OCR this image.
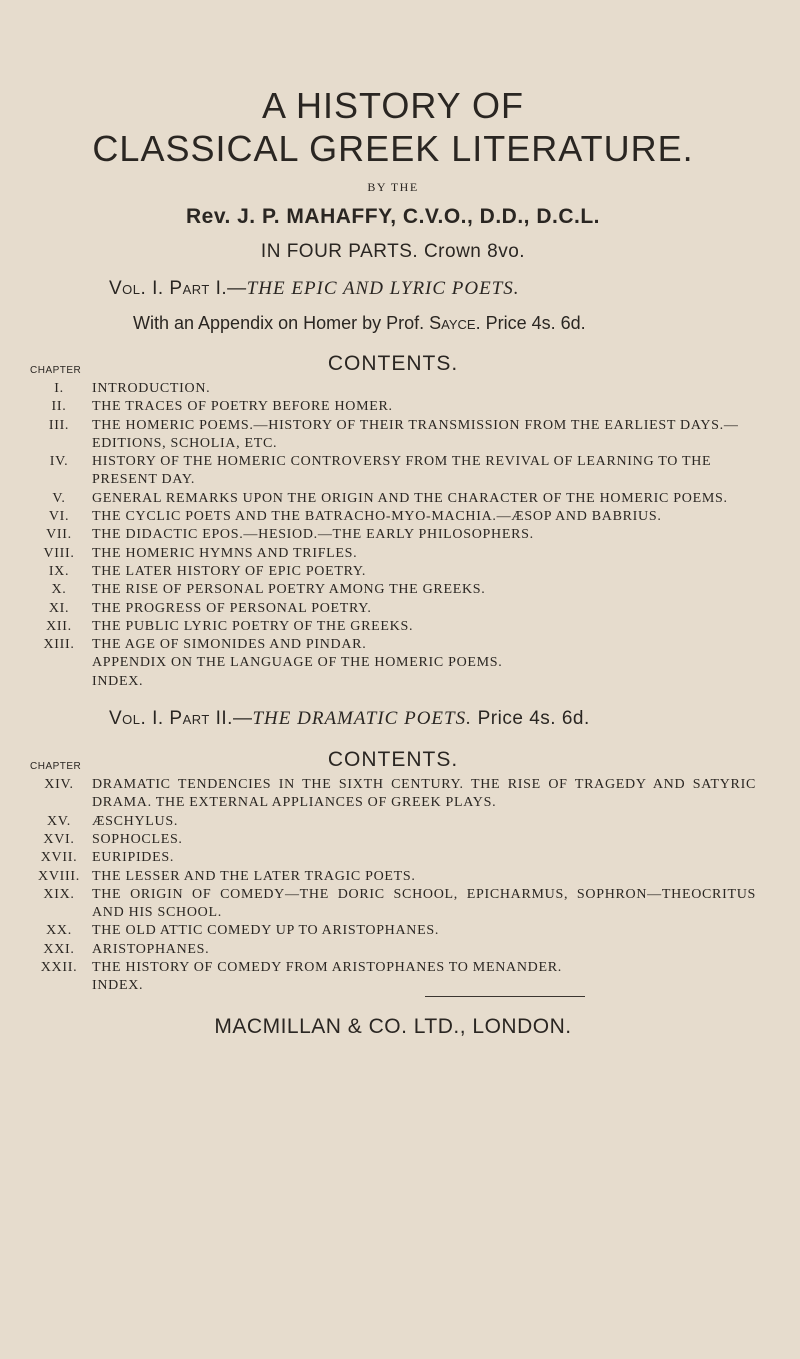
A HISTORY OF
CLASSICAL GREEK LITERATURE.
BY THE
Rev. J. P. MAHAFFY, C.V.O., D.D., D.C.L.
IN FOUR PARTS. Crown 8vo.
Vol. I. Part I.—THE EPIC AND LYRIC POETS.
With an Appendix on Homer by Prof. Sayce. Price 4s. 6d.
CHAPTER	CONTENTS.
I.	INTRODUCTION.
II.	THE TRACES OF POETRY BEFORE HOMER.
III.	THE HOMERIC POEMS.—HISTORY OF THEIR TRANSMISSION FROM THE EARLIEST DAYS.—EDITIONS, SCHOLIA, ETC.
IV.	HISTORY OF THE HOMERIC CONTROVERSY FROM THE REVIVAL OF LEARNING TO THE PRESENT DAY.
V.	GENERAL REMARKS UPON THE ORIGIN AND THE CHARACTER OF THE HOMERIC POEMS.
VI.	THE CYCLIC POETS AND THE BATRACHO-MYO-MACHIA.—ÆSOP AND BABRIUS.
VII.	THE DIDACTIC EPOS.—HESIOD.—THE EARLY PHILOSOPHERS.
VIII.	THE HOMERIC HYMNS AND TRIFLES.
IX.	THE LATER HISTORY OF EPIC POETRY.
X.	THE RISE OF PERSONAL POETRY AMONG THE GREEKS.
XI.	THE PROGRESS OF PERSONAL POETRY.
XII.	THE PUBLIC LYRIC POETRY OF THE GREEKS.
XIII.	THE AGE OF SIMONIDES AND PINDAR.
APPENDIX ON THE LANGUAGE OF THE HOMERIC POEMS.
INDEX.
Vol. I. Part II.—THE DRAMATIC POETS. Price 4s. 6d.
CHAPTER	CONTENTS.
XIV.	DRAMATIC TENDENCIES IN THE SIXTH CENTURY. THE RISE OF TRAGEDY AND SATYRIC DRAMA. THE EXTERNAL APPLIANCES OF GREEK PLAYS.
XV.	ÆSCHYLUS.
XVI.	SOPHOCLES.
XVII.	EURIPIDES.
XVIII. THE LESSER AND THE LATER TRAGIC POETS.
XIX.	THE ORIGIN OF COMEDY—THE DORIC SCHOOL, EPICHARMUS, SOPHRON—THEOCRITUS AND HIS SCHOOL.
XX.	THE OLD ATTIC COMEDY UP TO ARISTOPHANES.
XXI.	ARISTOPHANES.
XXII.	THE HISTORY OF COMEDY FROM ARISTOPHANES TO MENANDER.
INDEX.
MACMILLAN & CO. LTD., LONDON.
